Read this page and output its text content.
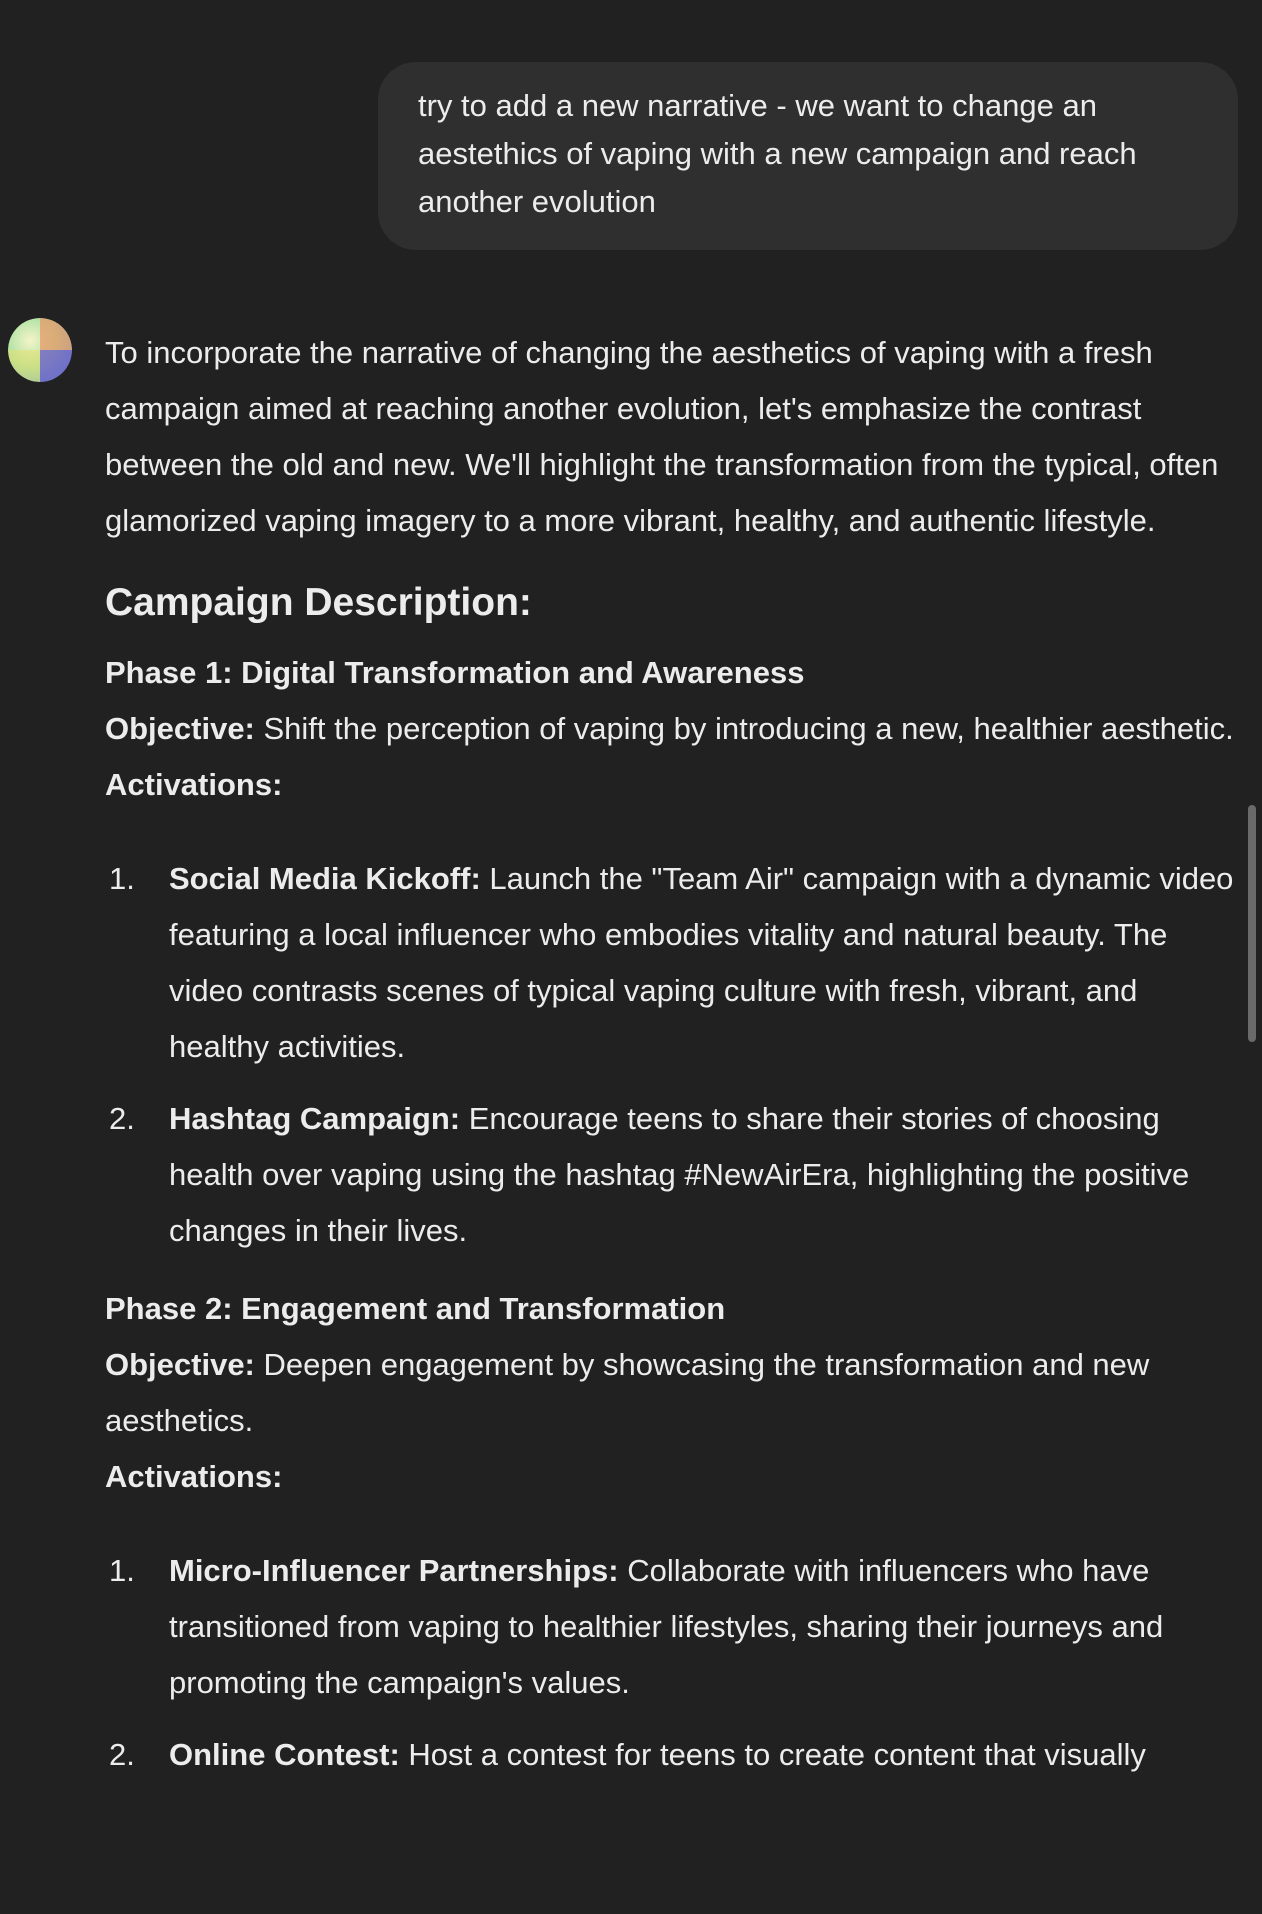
try to add a new narrative - we want to change an
aestethics of vaping with a new campaign and reach
another evolution

To incorporate the narrative of changing the aesthetics of vaping with a fresh campaign aimed at reaching another evolution, let's emphasize the contrast between the old and new. We'll highlight the transformation from the typical, often glamorized vaping imagery to a more vibrant, healthy, and authentic lifestyle.

Campaign Description:
Phase 1: Digital Transformation and Awareness

Objective: Shift the perception of vaping by introducing a new, healthier aesthetic.

Activations:
1. Social Media Kickoff: Launch the "Team Air" campaign with a dynamic video featuring a local influencer who embodies vitality and natural beauty. The video contrasts scenes of typical vaping culture with fresh, vibrant, and healthy activities.
2. Hashtag Campaign: Encourage teens to share their stories of choosing health over vaping using the hashtag #NewAirEra, highlighting the positive changes in their lives.
Phase 2: Engagement and Transformation

Objective: Deepen engagement by showcasing the transformation and new aesthetics.

Activations:
1. Micro-Influencer Partnerships: Collaborate with influencers who have transitioned from vaping to healthier lifestyles, sharing their journeys and promoting the campaign's values.
2. Online Contest: Host a contest for teens to create content that visually
